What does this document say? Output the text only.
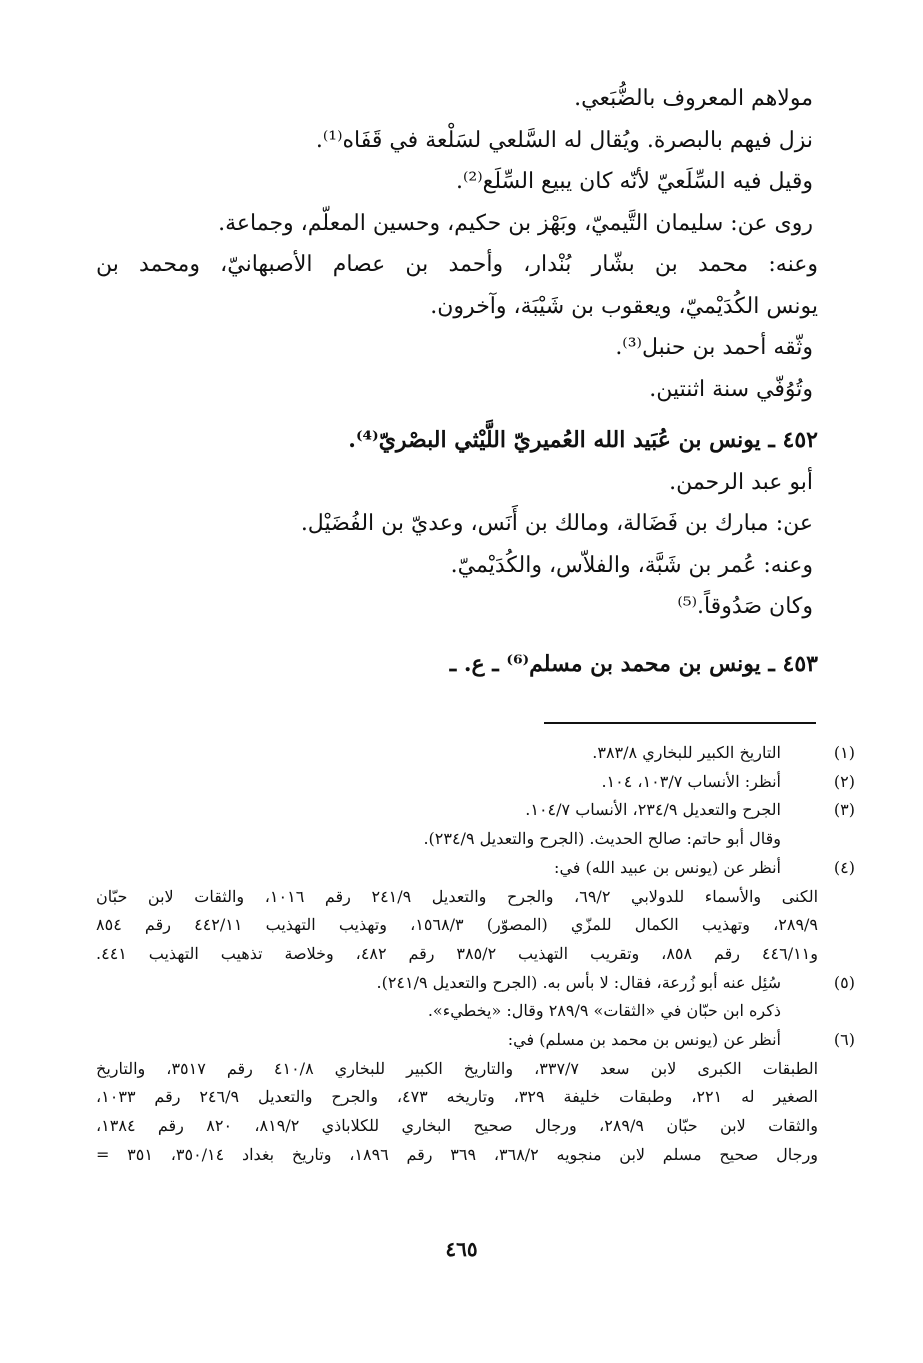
مولاهم المعروف بالضُّبَعي.
نزل فيهم بالبصرة. ويُقال له السَّلعي لسَلْعة في قَفَاه⁽¹⁾.
وقيل فيه السِّلَعيّ لأنّه كان يبيع السِّلَع⁽²⁾.
روى عن: سليمان التَّيميّ، وبَهْز بن حكيم، وحسين المعلّم، وجماعة.
وعنه: محمد بن بشّار بُنْدار، وأحمد بن عصام الأصبهانيّ، ومحمد بن
يونس الكُدَيْميّ، ويعقوب بن شَيْبَة، وآخرون.
وثّقه أحمد بن حنبل⁽³⁾.
وتُوُفّي سنة اثنتين.
٤٥٢ ـ يونس بن عُبَيد الله العُميريّ اللَّيْثي البصْريّ⁽⁴⁾.
أبو عبد الرحمن.
عن: مبارك بن فَضَالة، ومالك بن أَنَس، وعديّ بن الفُضَيْل.
وعنه: عُمر بن شَبَّة، والفلاّس، والكُدَيْميّ.
وكان صَدُوقاً.⁽⁵⁾
٤٥٣ ـ يونس بن محمد بن مسلم⁽⁶⁾ ـ ع. ـ
(١)التاريخ الكبير للبخاري ٣٨٣/٨.
(٢)أنظر: الأنساب ١٠٣/٧، ١٠٤.
(٣)الجرح والتعديل ٢٣٤/٩، الأنساب ١٠٤/٧.
وقال أبو حاتم: صالح الحديث. (الجرح والتعديل ٢٣٤/٩).
(٤)أنظر عن (يونس بن عبيد الله) في:
الكنى والأسماء للدولابي ٦٩/٢، والجرح والتعديل ٢٤١/٩ رقم ١٠١٦، والثقات لابن حبّان
٢٨٩/٩، وتهذيب الكمال للمزّي (المصوّر) ١٥٦٨/٣، وتهذيب التهذيب ٤٤٢/١١ رقم ٨٥٤
و٤٤٦/١١ رقم ٨٥٨، وتقريب التهذيب ٣٨٥/٢ رقم ٤٨٢، وخلاصة تذهيب التهذيب ٤٤١.
(٥)سُئِل عنه أبو زُرعة، فقال: لا بأس به. (الجرح والتعديل ٢٤١/٩).
ذكره ابن حبّان في «الثقات» ٢٨٩/٩ وقال: «يخطيء».
(٦)أنظر عن (يونس بن محمد بن مسلم) في:
الطبقات الكبرى لابن سعد ٣٣٧/٧، والتاريخ الكبير للبخاري ٤١٠/٨ رقم ٣٥١٧، والتاريخ
الصغير له ٢٢١، وطبقات خليفة ٣٢٩، وتاريخه ٤٧٣، والجرح والتعديل ٢٤٦/٩ رقم ١٠٣٣،
والثقات لابن حبّان ٢٨٩/٩، ورجال صحيح البخاري للكلاباذي ٨١٩/٢، ٨٢٠ رقم ١٣٨٤،
ورجال صحيح مسلم لابن منجويه ٣٦٨/٢، ٣٦٩ رقم ١٨٩٦، وتاريخ بغداد ٣٥٠/١٤، ٣٥١ =
٤٦٥
